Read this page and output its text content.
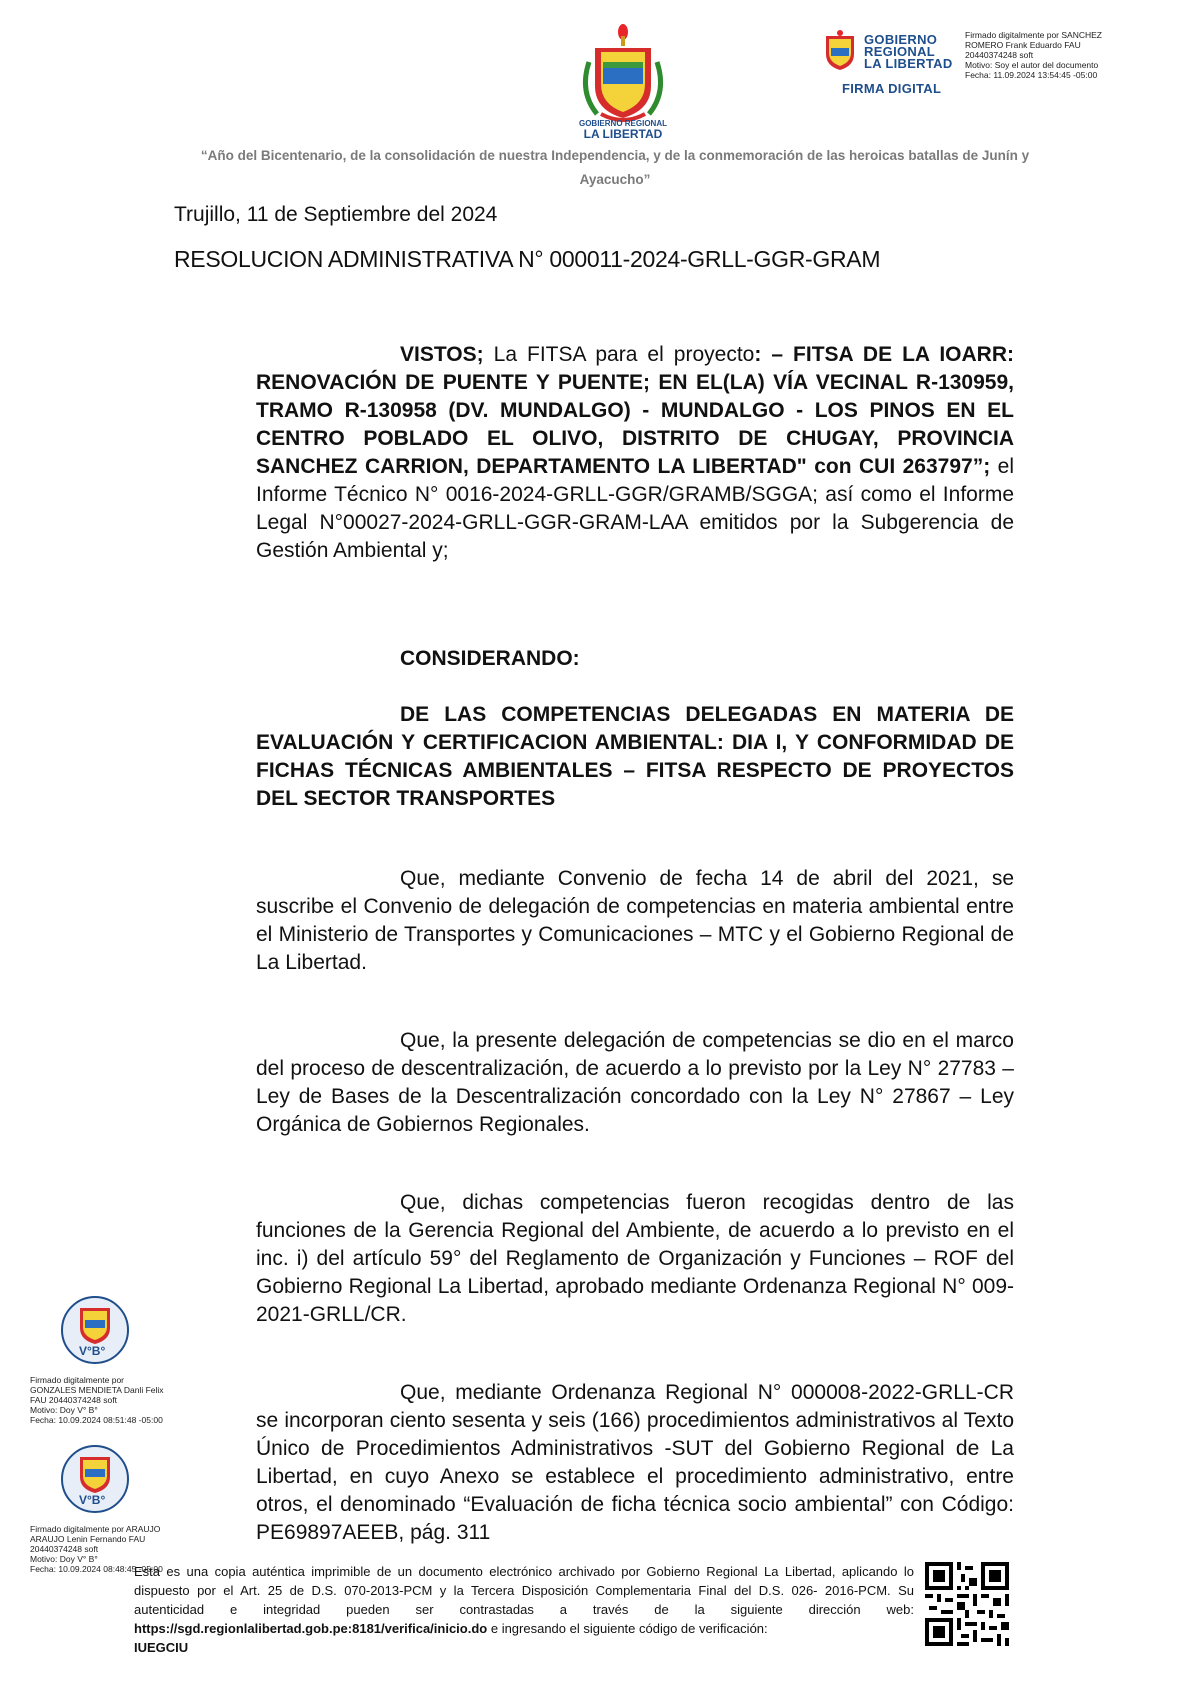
GOBIERNO REGIONAL
LA LIBERTAD
“Año del Bicentenario, de la consolidación de nuestra Independencia, y de la conmemoración de las heroicas batallas de Junín y
Ayacucho”
GOBIERNO
REGIONAL
LA LIBERTAD
FIRMA DIGITAL
Firmado digitalmente por SANCHEZ
ROMERO Frank Eduardo FAU
20440374248 soft
Motivo: Soy el autor del documento
Fecha: 11.09.2024 13:54:45 -05:00
Trujillo, 11 de Septiembre del 2024
RESOLUCION ADMINISTRATIVA N° 000011-2024-GRLL-GGR-GRAM
VISTOS; La FITSA para el proyecto: – FITSA DE LA IOARR: RENOVACIÓN DE PUENTE Y PUENTE; EN EL(LA) VÍA VECINAL R-130959, TRAMO R-130958 (DV. MUNDALGO) - MUNDALGO - LOS PINOS EN EL CENTRO POBLADO EL OLIVO, DISTRITO DE CHUGAY, PROVINCIA SANCHEZ CARRION, DEPARTAMENTO LA LIBERTAD" con CUI 263797”; el Informe Técnico N° 0016-2024-GRLL-GGR/GRAMB/SGGA; así como el Informe Legal N°00027-2024-GRLL-GGR-GRAM-LAA emitidos por la Subgerencia de Gestión Ambiental y;
CONSIDERANDO:
DE LAS COMPETENCIAS DELEGADAS EN MATERIA DE EVALUACIÓN Y CERTIFICACION AMBIENTAL: DIA I, Y CONFORMIDAD DE FICHAS TÉCNICAS AMBIENTALES – FITSA RESPECTO DE PROYECTOS DEL SECTOR TRANSPORTES
Que, mediante Convenio de fecha 14 de abril del 2021, se suscribe el Convenio de delegación de competencias en materia ambiental entre el Ministerio de Transportes y Comunicaciones – MTC y el Gobierno Regional de La Libertad.
Que, la presente delegación de competencias se dio en el marco del proceso de descentralización, de acuerdo a lo previsto por la Ley N° 27783 – Ley de Bases de la Descentralización concordado con la Ley N° 27867 – Ley Orgánica de Gobiernos Regionales.
Que, dichas competencias fueron recogidas dentro de las funciones de la Gerencia Regional del Ambiente, de acuerdo a lo previsto en el inc. i) del artículo 59° del Reglamento de Organización y Funciones – ROF del Gobierno Regional La Libertad, aprobado mediante Ordenanza Regional N° 009-2021-GRLL/CR.
Que, mediante Ordenanza Regional N° 000008-2022-GRLL-CR se incorporan ciento sesenta y seis (166) procedimientos administrativos al Texto Único de Procedimientos Administrativos -SUT del Gobierno Regional de La Libertad, en cuyo Anexo se establece el procedimiento administrativo, entre otros, el denominado “Evaluación de ficha técnica socio ambiental” con Código: PE69897AEEB, pág. 311
V°B°
Firmado digitalmente por
GONZALES MENDIETA Danli Felix
FAU 20440374248 soft
Motivo: Doy V° B°
Fecha: 10.09.2024 08:51:48 -05:00
V°B°
Firmado digitalmente por ARAUJO
ARAUJO Lenin Fernando FAU
20440374248 soft
Motivo: Doy V° B°
Fecha: 10.09.2024 08:48:45 -05:00
Esta es una copia auténtica imprimible de un documento electrónico archivado por Gobierno Regional La Libertad, aplicando lo dispuesto por el Art. 25 de D.S. 070-2013-PCM y la Tercera Disposición Complementaria Final del D.S. 026- 2016-PCM. Su autenticidad e integridad pueden ser contrastadas a través de la siguiente dirección web: https://sgd.regionlalibertad.gob.pe:8181/verifica/inicio.do e ingresando el siguiente código de verificación:
IUEGCIU
